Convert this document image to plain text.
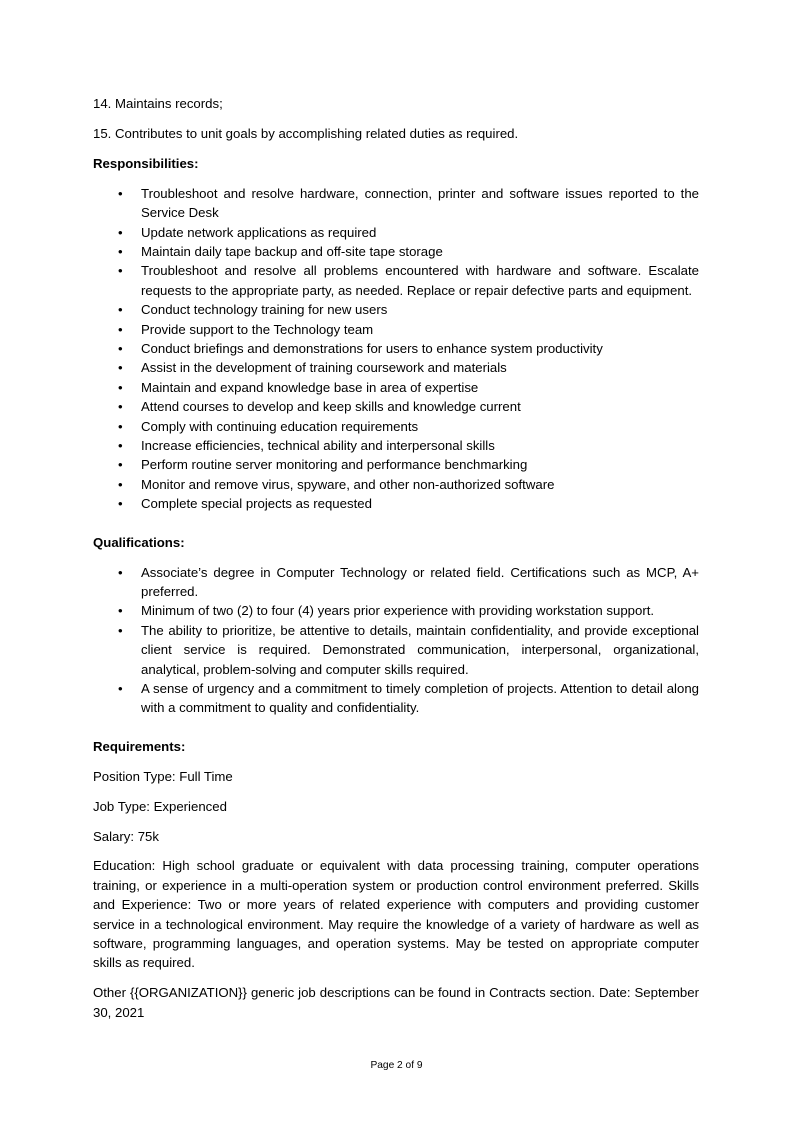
14. Maintains records;

15. Contributes to unit goals by accomplishing related duties as required.

Responsibilities:

• Troubleshoot and resolve hardware, connection, printer and software issues reported to the Service Desk
• Update network applications as required
• Maintain daily tape backup and off-site tape storage
• Troubleshoot and resolve all problems encountered with hardware and software. Escalate requests to the appropriate party, as needed. Replace or repair defective parts and equipment.
• Conduct technology training for new users
• Provide support to the Technology team
• Conduct briefings and demonstrations for users to enhance system productivity
• Assist in the development of training coursework and materials
• Maintain and expand knowledge base in area of expertise
• Attend courses to develop and keep skills and knowledge current
• Comply with continuing education requirements
• Increase efficiencies, technical ability and interpersonal skills
• Perform routine server monitoring and performance benchmarking
• Monitor and remove virus, spyware, and other non-authorized software
• Complete special projects as requested

Qualifications:

• Associate’s degree in Computer Technology or related field. Certifications such as MCP, A+ preferred.
• Minimum of two (2) to four (4) years prior experience with providing workstation support.
• The ability to prioritize, be attentive to details, maintain confidentiality, and provide exceptional client service is required. Demonstrated communication, interpersonal, organizational, analytical, problem-solving and computer skills required.
• A sense of urgency and a commitment to timely completion of projects. Attention to detail along with a commitment to quality and confidentiality.

Requirements:

Position Type: Full Time

Job Type: Experienced

Salary: 75k

Education: High school graduate or equivalent with data processing training, computer operations training, or experience in a multi-operation system or production control environment preferred. Skills and Experience: Two or more years of related experience with computers and providing customer service in a technological environment. May require the knowledge of a variety of hardware as well as software, programming languages, and operation systems. May be tested on appropriate computer skills as required.

Other {{ORGANIZATION}} generic job descriptions can be found in Contracts section. Date: September 30, 2021

Page 2 of 9
